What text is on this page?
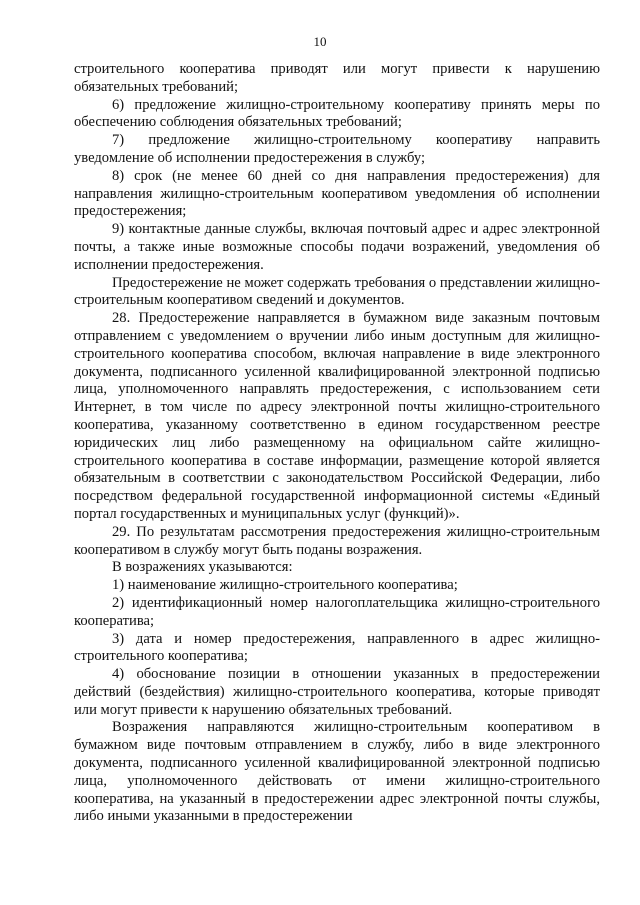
10

строительного кооператива приводят или могут привести к нарушению обязательных требований;

6) предложение жилищно-строительному кооперативу принять меры по обеспечению соблюдения обязательных требований;

7) предложение жилищно-строительному кооперативу направить уведомление об исполнении предостережения в службу;

8) срок (не менее 60 дней со дня направления предостережения) для направления жилищно-строительным кооперативом уведомления об исполнении предостережения;

9) контактные данные службы, включая почтовый адрес и адрес электронной почты, а также иные возможные способы подачи возражений, уведомления об исполнении предостережения.

Предостережение не может содержать требования о представлении жилищно-строительным кооперативом сведений и документов.

28. Предостережение направляется в бумажном виде заказным почтовым отправлением с уведомлением о вручении либо иным доступным для жилищно-строительного кооператива способом, включая направление в виде электронного документа, подписанного усиленной квалифицированной электронной подписью лица, уполномоченного направлять предостережения, с использованием сети Интернет, в том числе по адресу электронной почты жилищно-строительного кооператива, указанному соответственно в едином государственном реестре юридических лиц либо размещенному на официальном сайте жилищно-строительного кооператива в составе информации, размещение которой является обязательным в соответствии с законодательством Российской Федерации, либо посредством федеральной государственной информационной системы «Единый портал государственных и муниципальных услуг (функций)».

29. По результатам рассмотрения предостережения жилищно-строительным кооперативом в службу могут быть поданы возражения.

В возражениях указываются:

1) наименование жилищно-строительного кооператива;

2) идентификационный номер налогоплательщика жилищно-строительного кооператива;

3) дата и номер предостережения, направленного в адрес жилищно-строительного кооператива;

4) обоснование позиции в отношении указанных в предостережении действий (бездействия) жилищно-строительного кооператива, которые приводят или могут привести к нарушению обязательных требований.

Возражения направляются жилищно-строительным кооперативом в бумажном виде почтовым отправлением в службу, либо в виде электронного документа, подписанного усиленной квалифицированной электронной подписью лица, уполномоченного действовать от имени жилищно-строительного кооператива, на указанный в предостережении адрес электронной почты службы, либо иными указанными в предостережении
